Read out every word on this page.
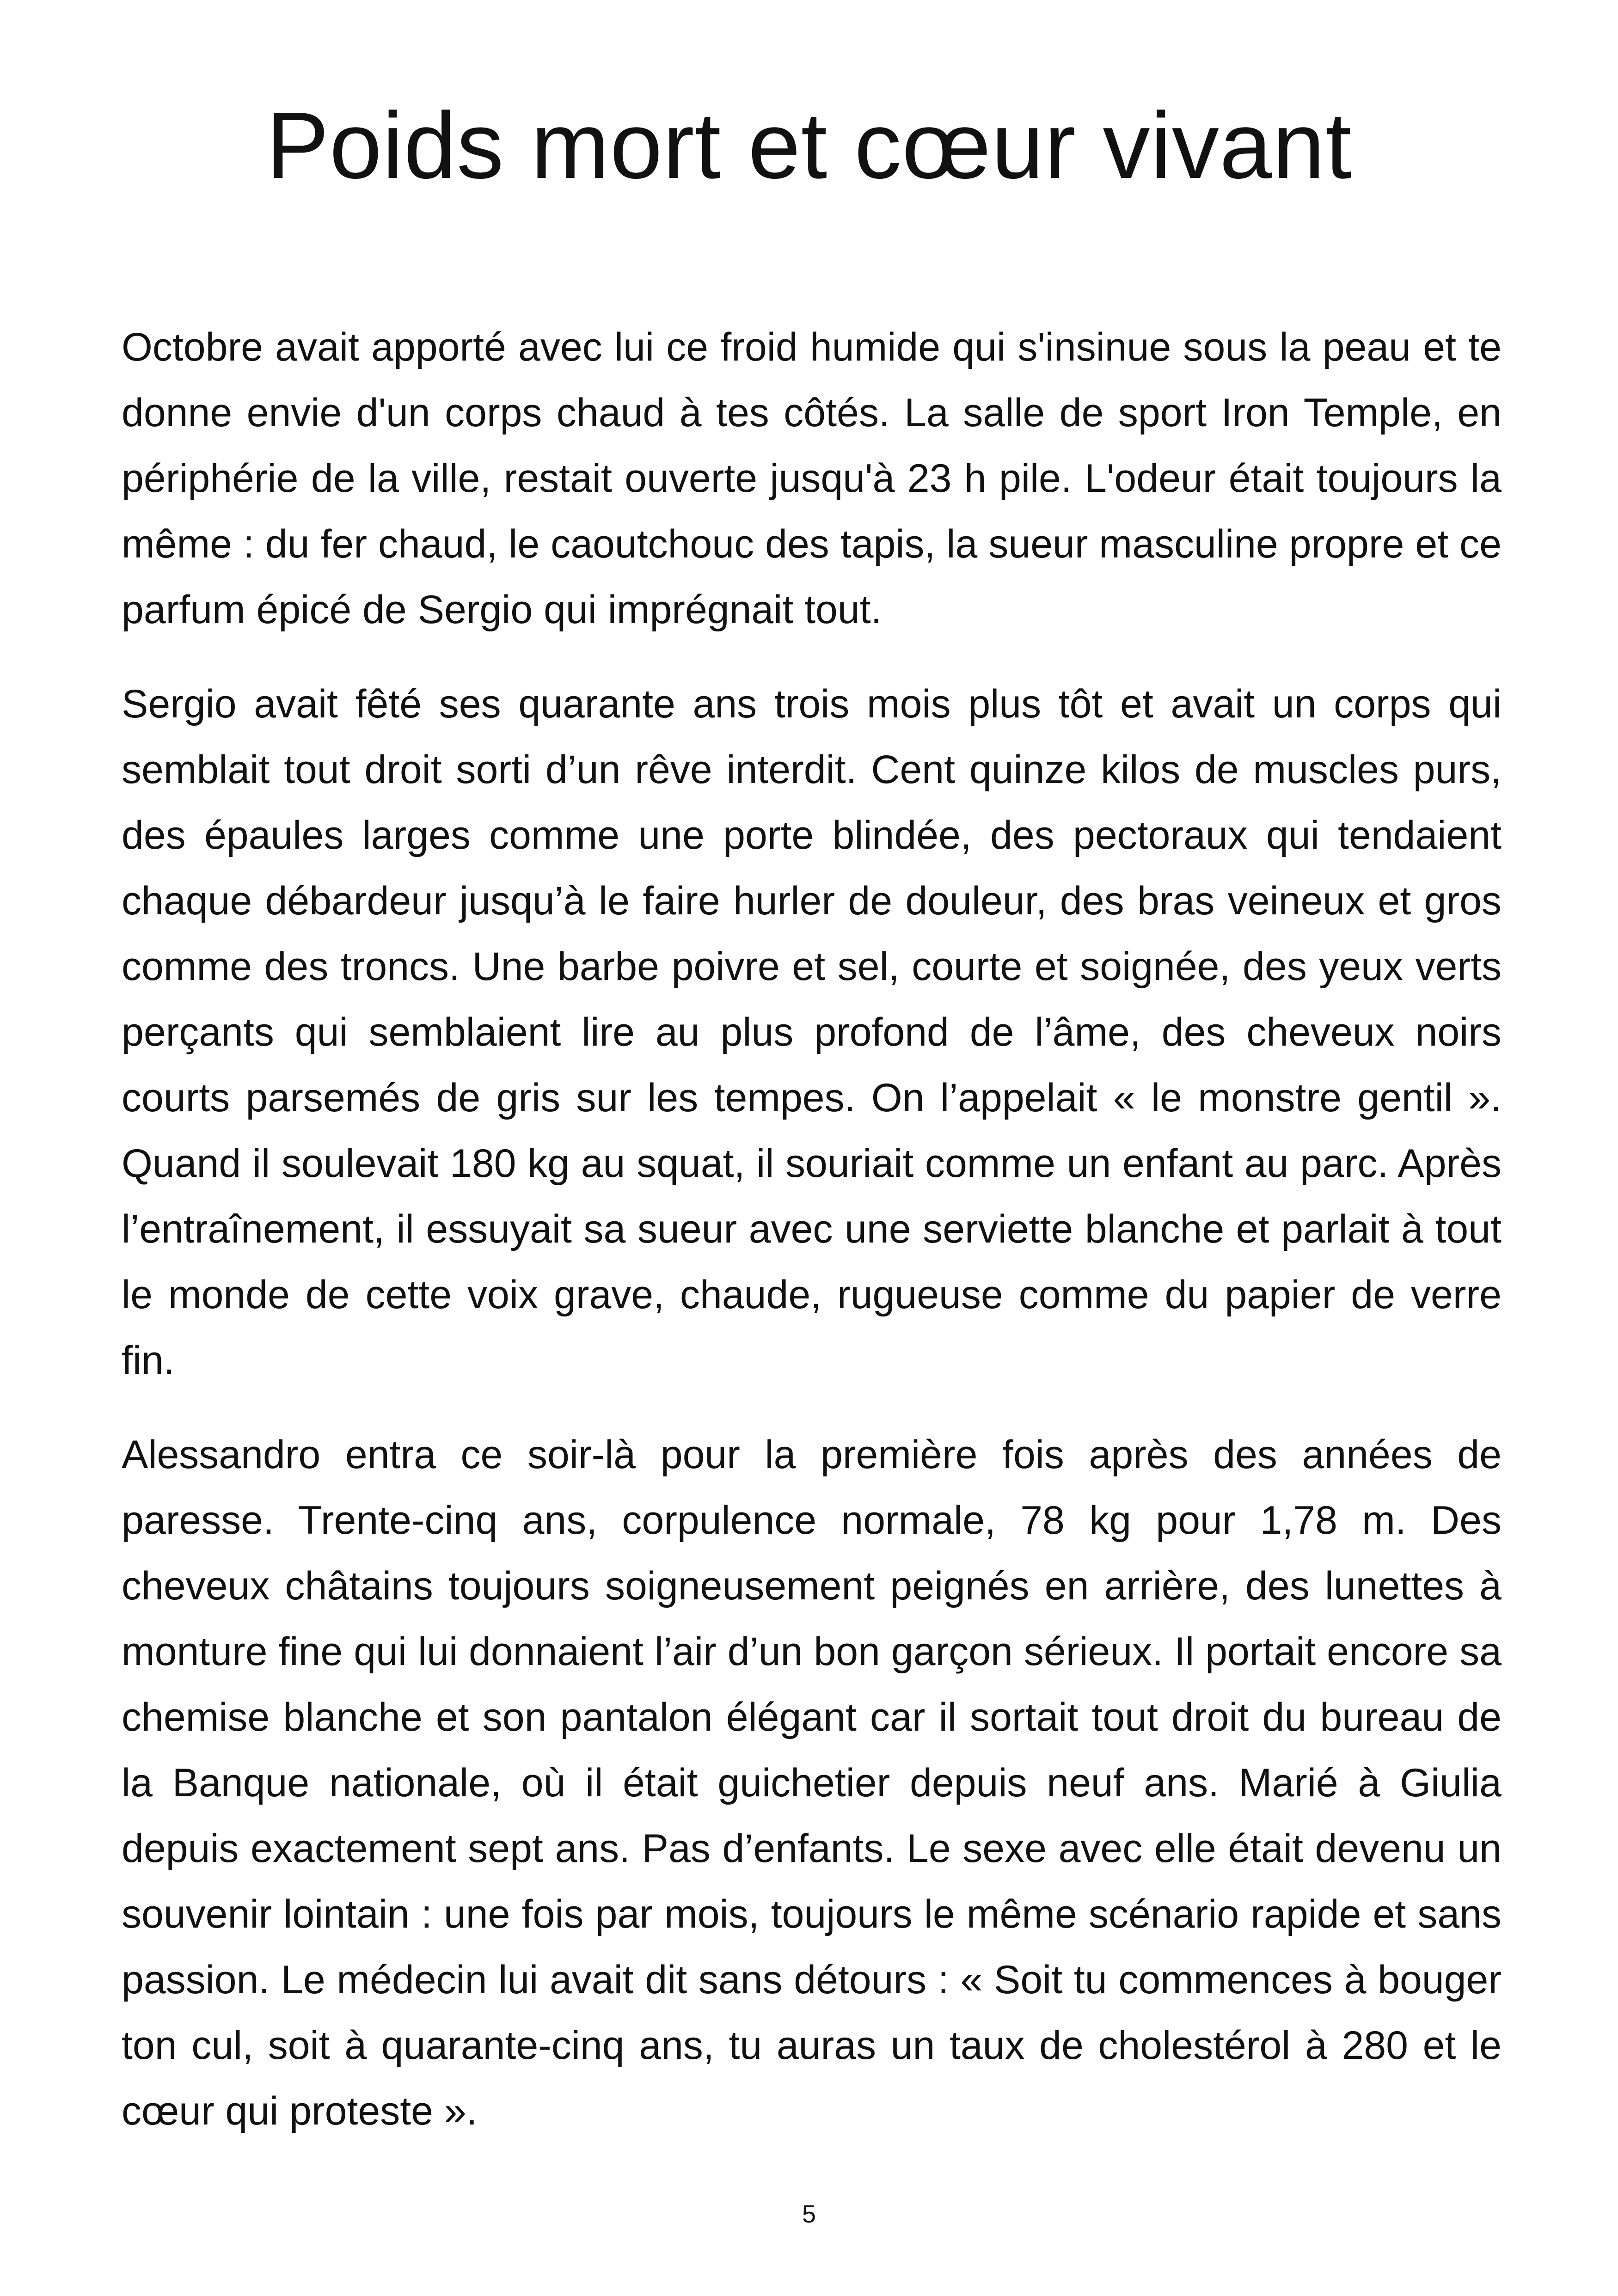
Poids mort et cœur vivant

Octobre avait apporté avec lui ce froid humide qui s'insinue sous la peau et te donne envie d'un corps chaud à tes côtés. La salle de sport Iron Temple, en périphérie de la ville, restait ouverte jusqu'à 23 h pile. L'odeur était toujours la même : du fer chaud, le caoutchouc des tapis, la sueur masculine propre et ce parfum épicé de Sergio qui imprégnait tout.

Sergio avait fêté ses quarante ans trois mois plus tôt et avait un corps qui semblait tout droit sorti d’un rêve interdit. Cent quinze kilos de muscles purs, des épaules larges comme une porte blindée, des pectoraux qui tendaient chaque débardeur jusqu’à le faire hurler de douleur, des bras veineux et gros comme des troncs. Une barbe poivre et sel, courte et soignée, des yeux verts perçants qui semblaient lire au plus profond de l’âme, des cheveux noirs courts parsemés de gris sur les tempes. On l’appelait « le monstre gentil ». Quand il soulevait 180 kg au squat, il souriait comme un enfant au parc. Après l’entraînement, il essuyait sa sueur avec une serviette blanche et parlait à tout le monde de cette voix grave, chaude, rugueuse comme du papier de verre fin.

Alessandro entra ce soir-là pour la première fois après des années de paresse. Trente-cinq ans, corpulence normale, 78 kg pour 1,78 m. Des cheveux châtains toujours soigneusement peignés en arrière, des lunettes à monture fine qui lui donnaient l’air d’un bon garçon sérieux. Il portait encore sa chemise blanche et son pantalon élégant car il sortait tout droit du bureau de la Banque nationale, où il était guichetier depuis neuf ans. Marié à Giulia depuis exactement sept ans. Pas d’enfants. Le sexe avec elle était devenu un souvenir lointain : une fois par mois, toujours le même scénario rapide et sans passion. Le médecin lui avait dit sans détours : « Soit tu commences à bouger ton cul, soit à quarante-cinq ans, tu auras un taux de cholestérol à 280 et le cœur qui proteste ».

5
